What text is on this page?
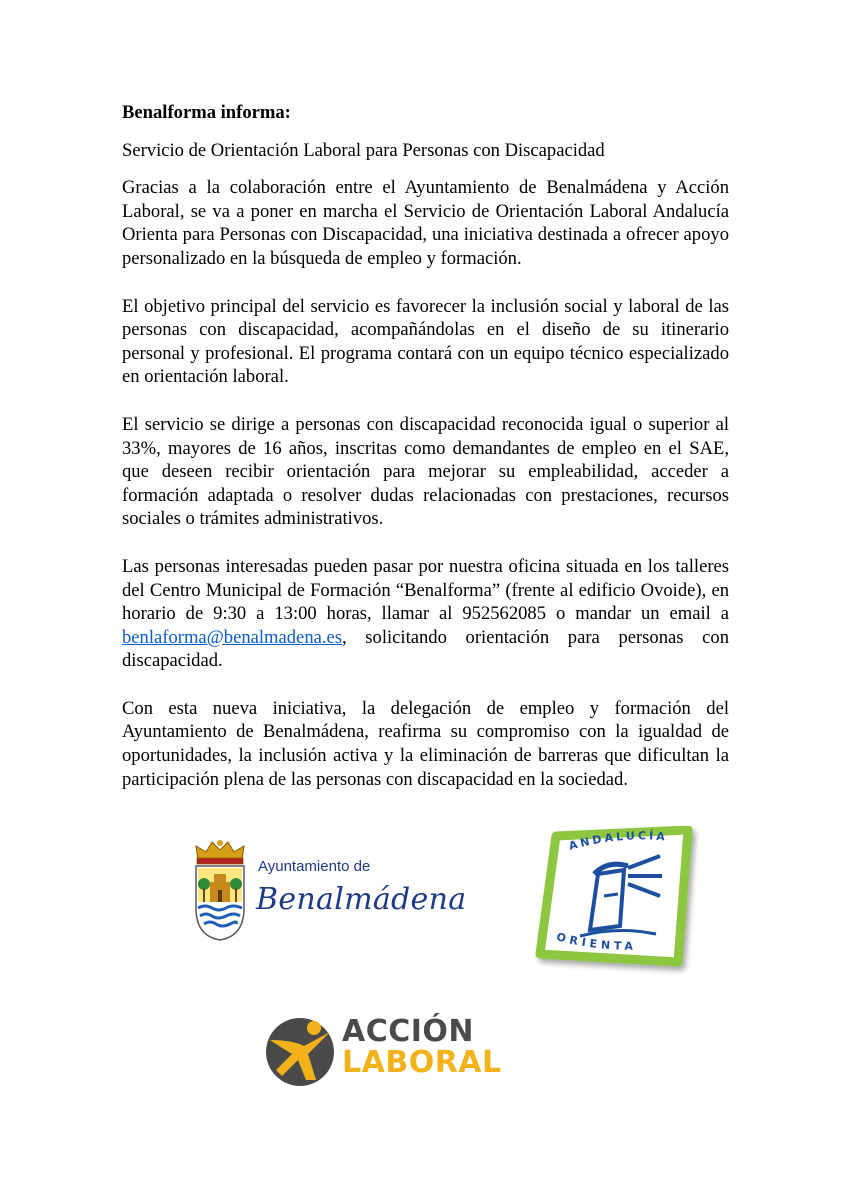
Benalforma informa:

Servicio de Orientación Laboral para Personas con Discapacidad

Gracias a la colaboración entre el Ayuntamiento de Benalmádena y Acción Laboral, se va a poner en marcha el Servicio de Orientación Laboral Andalucía Orienta para Personas con Discapacidad, una iniciativa destinada a ofrecer apoyo personalizado en la búsqueda de empleo y formación.

El objetivo principal del servicio es favorecer la inclusión social y laboral de las personas con discapacidad, acompañándolas en el diseño de su itinerario personal y profesional. El programa contará con un equipo técnico especializado en orientación laboral.

El servicio se dirige a personas con discapacidad reconocida igual o superior al 33%, mayores de 16 años, inscritas como demandantes de empleo en el SAE, que deseen recibir orientación para mejorar su empleabilidad, acceder a formación adaptada o resolver dudas relacionadas con prestaciones, recursos sociales o trámites administrativos.

Las personas interesadas pueden pasar por nuestra oficina situada en los talleres del Centro Municipal de Formación “Benalforma” (frente al edificio Ovoide), en horario de 9:30 a 13:00 horas, llamar al 952562085 o mandar un email a benlaforma@benalmadena.es, solicitando orientación para personas con discapacidad.

Con esta nueva iniciativa, la delegación de empleo y formación del Ayuntamiento de Benalmádena, reafirma su compromiso con la igualdad de oportunidades, la inclusión activa y la eliminación de barreras que dificultan la participación plena de las personas con discapacidad en la sociedad.

Ayuntamiento de
Benalmádena
ANDALUCÍA
ORIENTA
ACCIÓN
LABORAL
